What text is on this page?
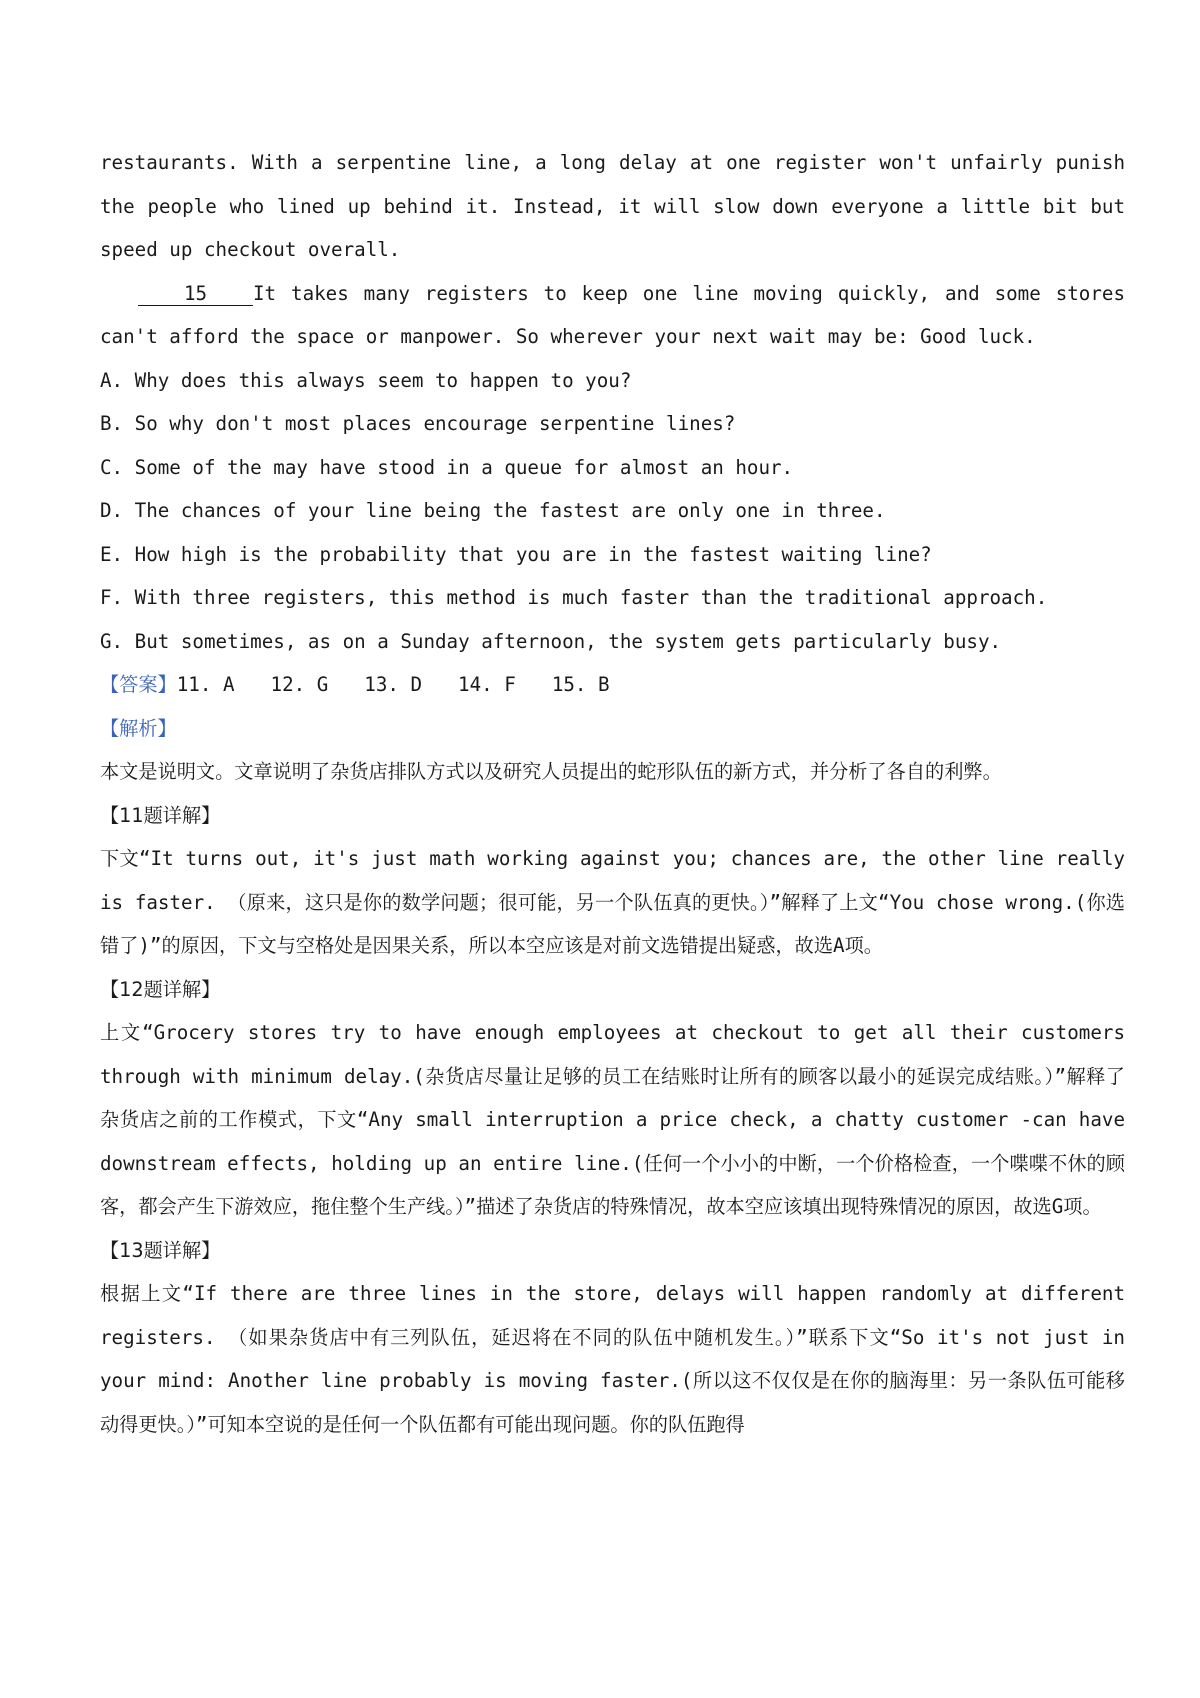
restaurants. With a serpentine line, a long delay at one register won't unfairly punish the people who lined up behind it. Instead, it will slow down everyone a little bit but speed up checkout overall.

15 It takes many registers to keep one line moving quickly, and some stores can't afford the space or manpower. So wherever your next wait may be: Good luck.

A. Why does this always seem to happen to you?

B. So why don't most places encourage serpentine lines?

C. Some of the may have stood in a queue for almost an hour.

D. The chances of your line being the fastest are only one in three.

E. How high is the probability that you are in the fastest waiting line?

F. With three registers, this method is much faster than the traditional approach.

G. But sometimes, as on a Sunday afternoon, the system gets particularly busy.

【答案】11. A 12. G 13. D 14. F 15. B

【解析】

本文是说明文。文章说明了杂货店排队方式以及研究人员提出的蛇形队伍的新方式，并分析了各自的利弊。

【11题详解】

下文“It turns out, it's just math working against you; chances are, the other line really is faster. （原来，这只是你的数学问题；很可能，另一个队伍真的更快。）”解释了上文“You chose wrong.(你选错了)”的原因，下文与空格处是因果关系，所以本空应该是对前文选错提出疑惑，故选A项。

【12题详解】

上文“Grocery stores try to have enough employees at checkout to get all their customers through with minimum delay.(杂货店尽量让足够的员工在结账时让所有的顾客以最小的延误完成结账。）”解释了杂货店之前的工作模式，下文“Any small interruption a price check, a chatty customer -can have downstream effects, holding up an entire line.(任何一个小小的中断，一个价格检查，一个喋喋不休的顾客，都会产生下游效应，拖住整个生产线。）”描述了杂货店的特殊情况，故本空应该填出现特殊情况的原因，故选G项。

【13题详解】

根据上文“If there are three lines in the store, delays will happen randomly at different registers. （如果杂货店中有三列队伍，延迟将在不同的队伍中随机发生。）”联系下文“So it's not just in your mind: Another line probably is moving faster.(所以这不仅仅是在你的脑海里：另一条队伍可能移动得更快。）”可知本空说的是任何一个队伍都有可能出现问题。你的队伍跑得
